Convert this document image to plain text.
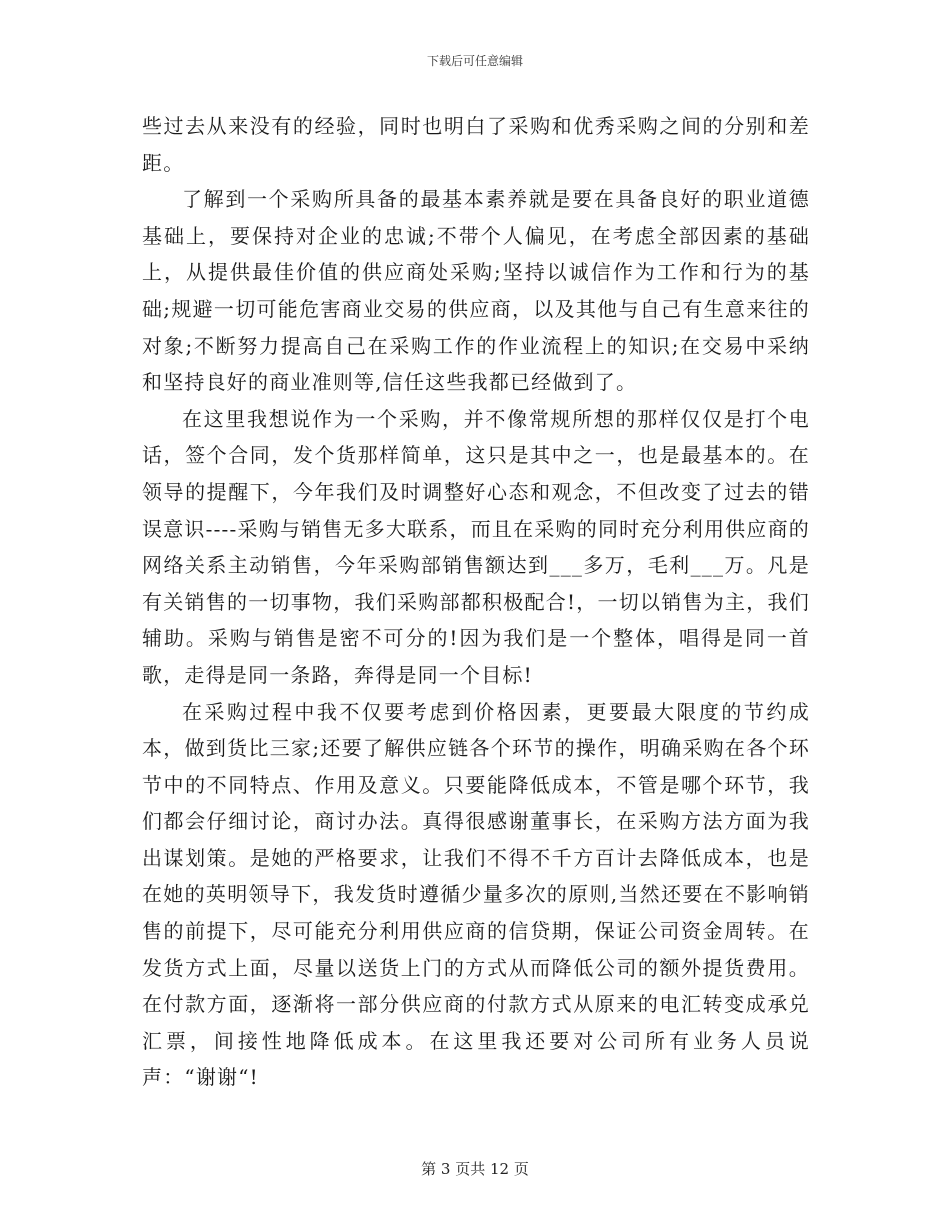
下载后可任意编辑

些过去从来没有的经验，同时也明白了采购和优秀采购之间的分别和差距。

了解到一个采购所具备的最基本素养就是要在具备良好的职业道德基础上，要保持对企业的忠诚;不带个人偏见，在考虑全部因素的基础上，从提供最佳价值的供应商处采购;坚持以诚信作为工作和行为的基础;规避一切可能危害商业交易的供应商，以及其他与自己有生意来往的对象;不断努力提高自己在采购工作的作业流程上的知识;在交易中采纳和坚持良好的商业准则等,信任这些我都已经做到了。

在这里我想说作为一个采购，并不像常规所想的那样仅仅是打个电话，签个合同，发个货那样简单，这只是其中之一，也是最基本的。在领导的提醒下，今年我们及时调整好心态和观念，不但改变了过去的错误意识----采购与销售无多大联系，而且在采购的同时充分利用供应商的网络关系主动销售，今年采购部销售额达到___多万，毛利___万。凡是有关销售的一切事物，我们采购部都积极配合!，一切以销售为主，我们辅助。采购与销售是密不可分的!因为我们是一个整体，唱得是同一首歌，走得是同一条路，奔得是同一个目标!

在采购过程中我不仅要考虑到价格因素，更要最大限度的节约成本，做到货比三家;还要了解供应链各个环节的操作，明确采购在各个环节中的不同特点、作用及意义。只要能降低成本，不管是哪个环节，我们都会仔细讨论，商讨办法。真得很感谢董事长，在采购方法方面为我出谋划策。是她的严格要求，让我们不得不千方百计去降低成本，也是在她的英明领导下，我发货时遵循少量多次的原则,当然还要在不影响销售的前提下，尽可能充分利用供应商的信贷期，保证公司资金周转。在发货方式上面，尽量以送货上门的方式从而降低公司的额外提货费用。在付款方面，逐渐将一部分供应商的付款方式从原来的电汇转变成承兑汇票，间接性地降低成本。在这里我还要对公司所有业务人员说声：“谢谢“!

第 3 页共 12 页
